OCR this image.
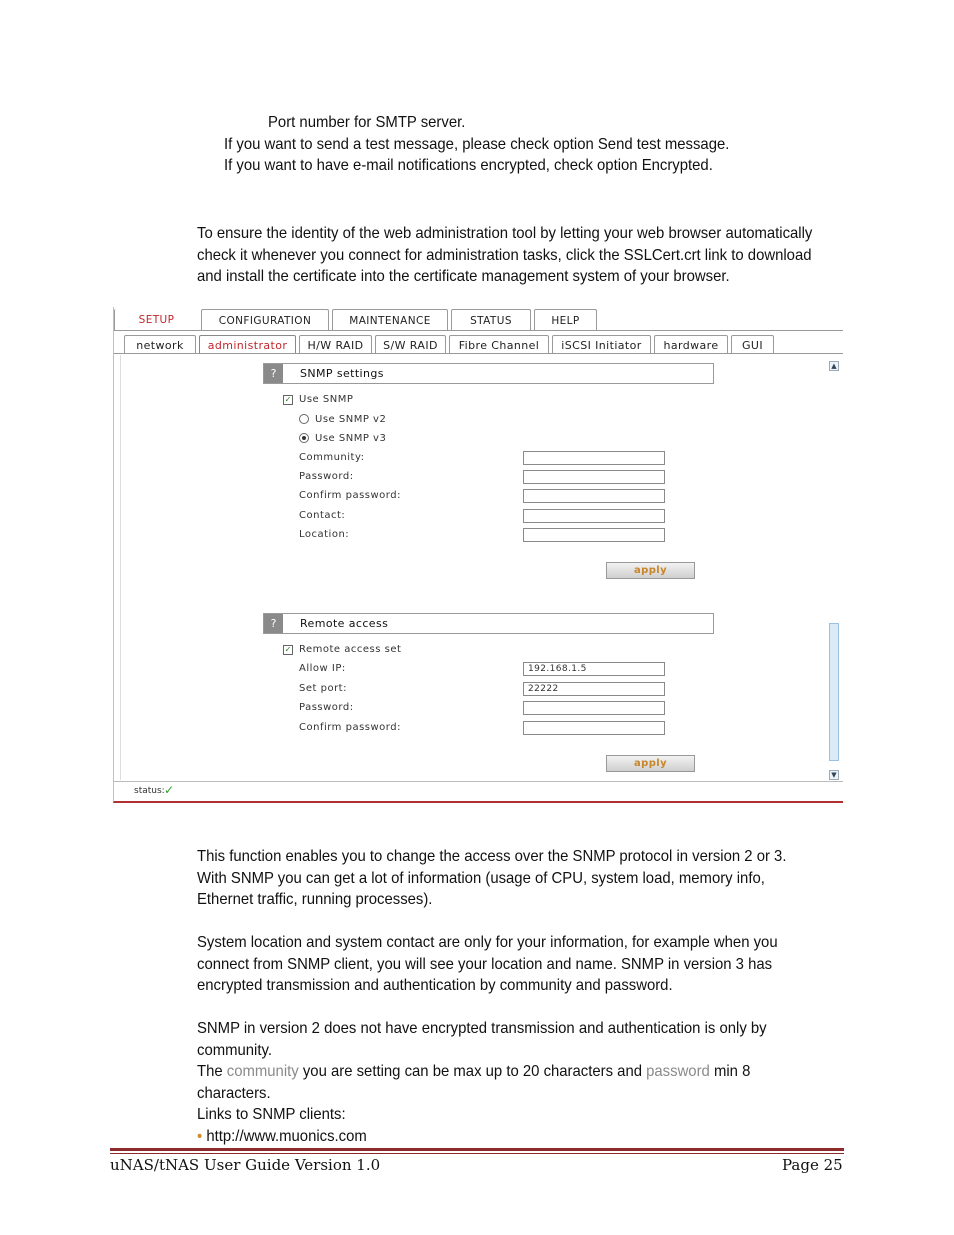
Port number for SMTP server.
If you want to send a test message, please check option Send test message.
If you want to have e-mail notifications encrypted, check option Encrypted.
To ensure the identity of the web administration tool by letting your web browser automatically
check it whenever you connect for administration tasks, click the SSLCert.crt link to download
and install the certificate into the certificate management system of your browser.
SETUP	CONFIGURATION	MAINTENANCE	STATUS	HELP
network	administrator	H/W RAID	S/W RAID	Fibre Channel	iSCSI Initiator	hardware	GUI
?	SNMP settings
✓ Use SNMP
Use SNMP v2
Use SNMP v3
Community:
Password:
Confirm password:
Contact:
Location:
apply
?	Remote access
✓ Remote access set
Allow IP:	192.168.1.5
Set port:	22222
Password:
Confirm password:
apply
▲
▼
status: ✓
This function enables you to change the access over the SNMP protocol in version 2 or 3.
With SNMP you can get a lot of information (usage of CPU, system load, memory info,
Ethernet traffic, running processes).
System location and system contact are only for your information, for example when you
connect from SNMP client, you will see your location and name. SNMP in version 3 has
encrypted transmission and authentication by community and password.
SNMP in version 2 does not have encrypted transmission and authentication is only by
community.
The community you are setting can be max up to 20 characters and password min 8
characters.
Links to SNMP clients:
• http://www.muonics.com
uNAS/tNAS User Guide Version 1.0	Page 25
